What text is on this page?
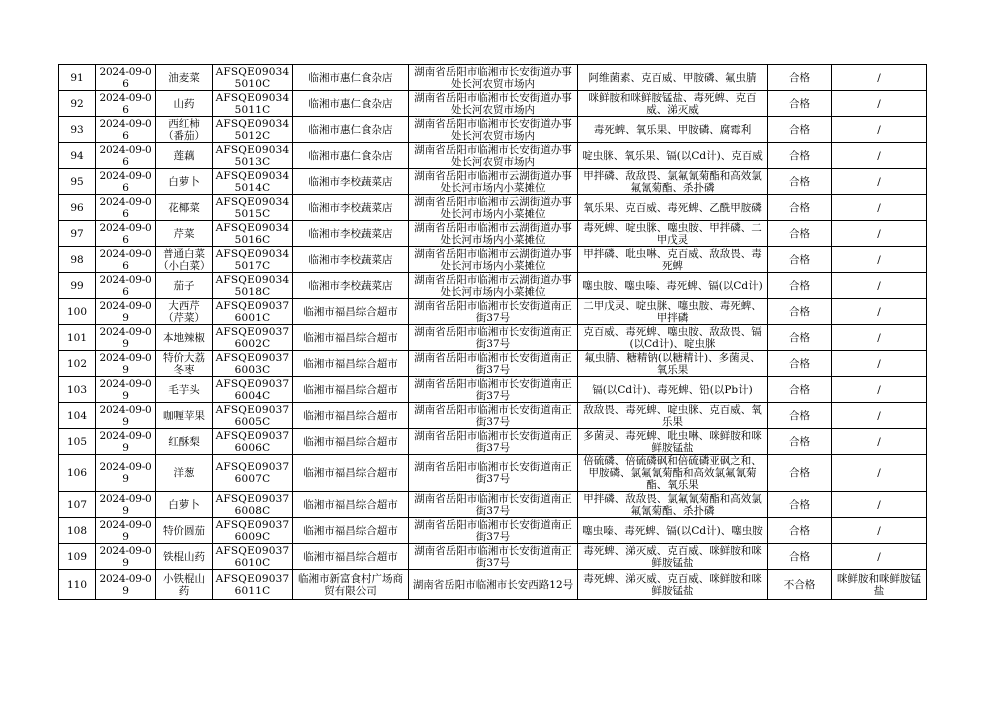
91	2024-09-06	油麦菜	AFSQE090345010C	临湘市惠仁食杂店	湖南省岳阳市临湘市长安街道办事处长河农贸市场内	阿维菌素、克百威、甲胺磷、氟虫腈	合格	/
92	2024-09-06	山药	AFSQE090345011C	临湘市惠仁食杂店	湖南省岳阳市临湘市长安街道办事处长河农贸市场内	咪鲜胺和咪鲜胺锰盐、毒死蜱、克百威、涕灭威	合格	/
93	2024-09-06	西红柿（番茄）	AFSQE090345012C	临湘市惠仁食杂店	湖南省岳阳市临湘市长安街道办事处长河农贸市场内	毒死蜱、氧乐果、甲胺磷、腐霉利	合格	/
94	2024-09-06	莲藕	AFSQE090345013C	临湘市惠仁食杂店	湖南省岳阳市临湘市长安街道办事处长河农贸市场内	啶虫脒、氧乐果、镉(以Cd计)、克百威	合格	/
95	2024-09-06	白萝卜	AFSQE090345014C	临湘市李校蔬菜店	湖南省岳阳市临湘市云湖街道办事处长河市场内小菜摊位	甲拌磷、敌敌畏、氯氟氰菊酯和高效氯氟氰菊酯、杀扑磷	合格	/
96	2024-09-06	花椰菜	AFSQE090345015C	临湘市李校蔬菜店	湖南省岳阳市临湘市云湖街道办事处长河市场内小菜摊位	氧乐果、克百威、毒死蜱、乙酰甲胺磷	合格	/
97	2024-09-06	芹菜	AFSQE090345016C	临湘市李校蔬菜店	湖南省岳阳市临湘市云湖街道办事处长河市场内小菜摊位	毒死蜱、啶虫脒、噻虫胺、甲拌磷、二甲戊灵	合格	/
98	2024-09-06	普通白菜（小白菜）	AFSQE090345017C	临湘市李校蔬菜店	湖南省岳阳市临湘市云湖街道办事处长河市场内小菜摊位	甲拌磷、吡虫啉、克百威、敌敌畏、毒死蜱	合格	/
99	2024-09-06	茄子	AFSQE090345018C	临湘市李校蔬菜店	湖南省岳阳市临湘市云湖街道办事处长河市场内小菜摊位	噻虫胺、噻虫嗪、毒死蜱、镉(以Cd计)	合格	/
100	2024-09-09	大西芹（芹菜）	AFSQE090376001C	临湘市福昌综合超市	湖南省岳阳市临湘市长安街道南正街37号	二甲戊灵、啶虫脒、噻虫胺、毒死蜱、甲拌磷	合格	/
101	2024-09-09	本地辣椒	AFSQE090376002C	临湘市福昌综合超市	湖南省岳阳市临湘市长安街道南正街37号	克百威、毒死蜱、噻虫胺、敌敌畏、镉(以Cd计)、啶虫脒	合格	/
102	2024-09-09	特价大荔冬枣	AFSQE090376003C	临湘市福昌综合超市	湖南省岳阳市临湘市长安街道南正街37号	氟虫腈、糖精钠(以糖精计)、多菌灵、氧乐果	合格	/
103	2024-09-09	毛芋头	AFSQE090376004C	临湘市福昌综合超市	湖南省岳阳市临湘市长安街道南正街37号	镉(以Cd计)、毒死蜱、铅(以Pb计)	合格	/
104	2024-09-09	咖喱苹果	AFSQE090376005C	临湘市福昌综合超市	湖南省岳阳市临湘市长安街道南正街37号	敌敌畏、毒死蜱、啶虫脒、克百威、氧乐果	合格	/
105	2024-09-09	红酥梨	AFSQE090376006C	临湘市福昌综合超市	湖南省岳阳市临湘市长安街道南正街37号	多菌灵、毒死蜱、吡虫啉、咪鲜胺和咪鲜胺锰盐	合格	/
106	2024-09-09	洋葱	AFSQE090376007C	临湘市福昌综合超市	湖南省岳阳市临湘市长安街道南正街37号	倍硫磷、倍硫磷砜和倍硫磷亚砜之和、甲胺磷、氯氟氰菊酯和高效氯氟氰菊酯、氧乐果	合格	/
107	2024-09-09	白萝卜	AFSQE090376008C	临湘市福昌综合超市	湖南省岳阳市临湘市长安街道南正街37号	甲拌磷、敌敌畏、氯氟氰菊酯和高效氯氟氰菊酯、杀扑磷	合格	/
108	2024-09-09	特价圆茄	AFSQE090376009C	临湘市福昌综合超市	湖南省岳阳市临湘市长安街道南正街37号	噻虫嗪、毒死蜱、镉(以Cd计)、噻虫胺	合格	/
109	2024-09-09	铁棍山药	AFSQE090376010C	临湘市福昌综合超市	湖南省岳阳市临湘市长安街道南正街37号	毒死蜱、涕灭威、克百威、咪鲜胺和咪鲜胺锰盐	合格	/
110	2024-09-09	小铁棍山药	AFSQE090376011C	临湘市新富食村广场商贸有限公司	湖南省岳阳市临湘市长安西路12号	毒死蜱、涕灭威、克百威、咪鲜胺和咪鲜胺锰盐	不合格	咪鲜胺和咪鲜胺锰盐
